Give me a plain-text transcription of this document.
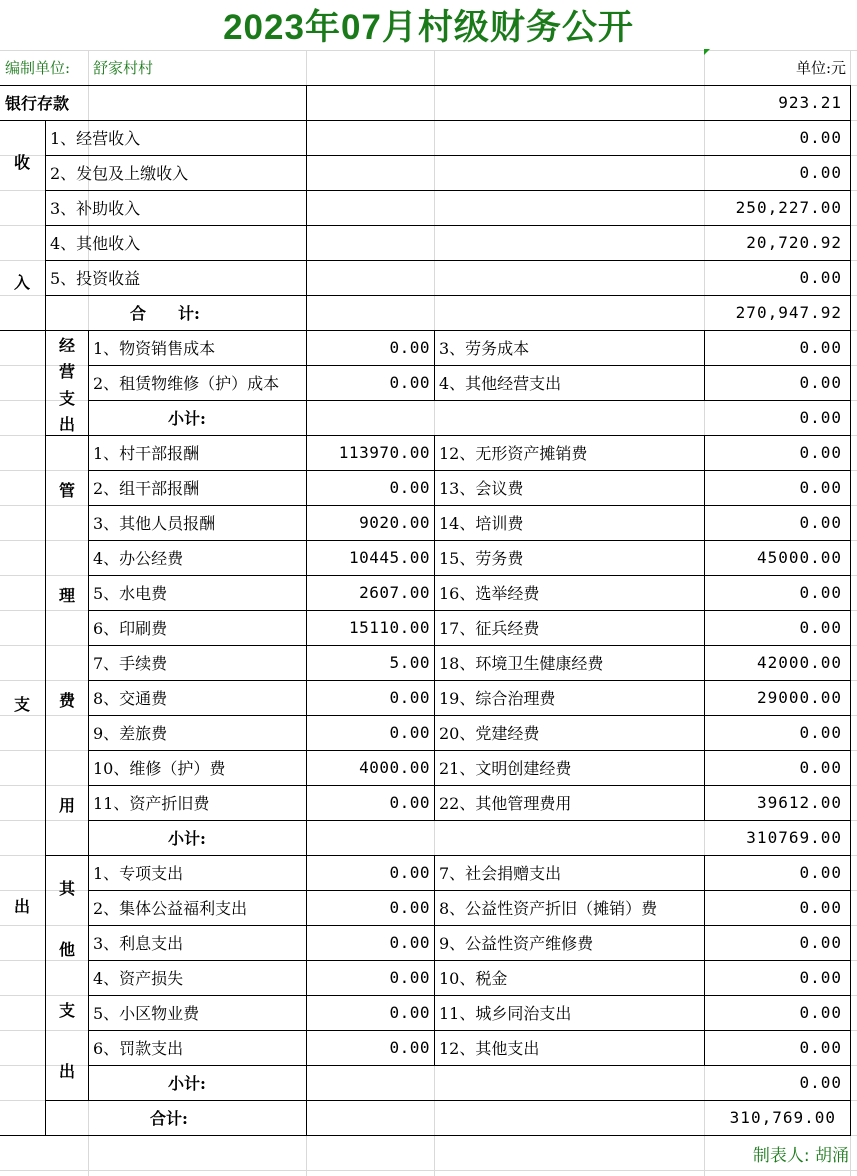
2023年07月村级财务公开
编制单位:	舒家村村	单位:元
银行存款	923.21
1、经营收入	0.00
2、发包及上缴收入	0.00
3、补助收入	250,227.00
4、其他收入	20,720.92
5、投资收益	0.00
合　　计:	270,947.92
收
入
1、物资销售成本	0.00 3、劳务成本	0.00
2、租赁物维修（护）成本	0.00 4、其他经营支出	0.00
小计:	0.00
经
营
支
出
1、村干部报酬	113970.00 12、无形资产摊销费	0.00
2、组干部报酬	0.00 13、会议费	0.00
3、其他人员报酬	9020.00 14、培训费	0.00
4、办公经费	10445.00 15、劳务费	45000.00
5、水电费	2607.00 16、选举经费	0.00
6、印刷费	15110.00 17、征兵经费	0.00
7、手续费	5.00 18、环境卫生健康经费	42000.00
8、交通费	0.00 19、综合治理费	29000.00
9、差旅费	0.00 20、党建经费	0.00
10、维修（护）费	4000.00 21、文明创建经费	0.00
11、资产折旧费	0.00 22、其他管理费用	39612.00
小计:	310769.00
管
理
费
用
1、专项支出	0.00 7、社会捐赠支出	0.00
2、集体公益福利支出	0.00 8、公益性资产折旧（摊销）费	0.00
3、利息支出	0.00 9、公益性资产维修费	0.00
4、资产损失	0.00 10、税金	0.00
5、小区物业费	0.00 11、城乡同治支出	0.00
6、罚款支出	0.00 12、其他支出	0.00
小计:	0.00
其
他
支
出
合计:	310,769.00
支
出
制表人: 胡涌
